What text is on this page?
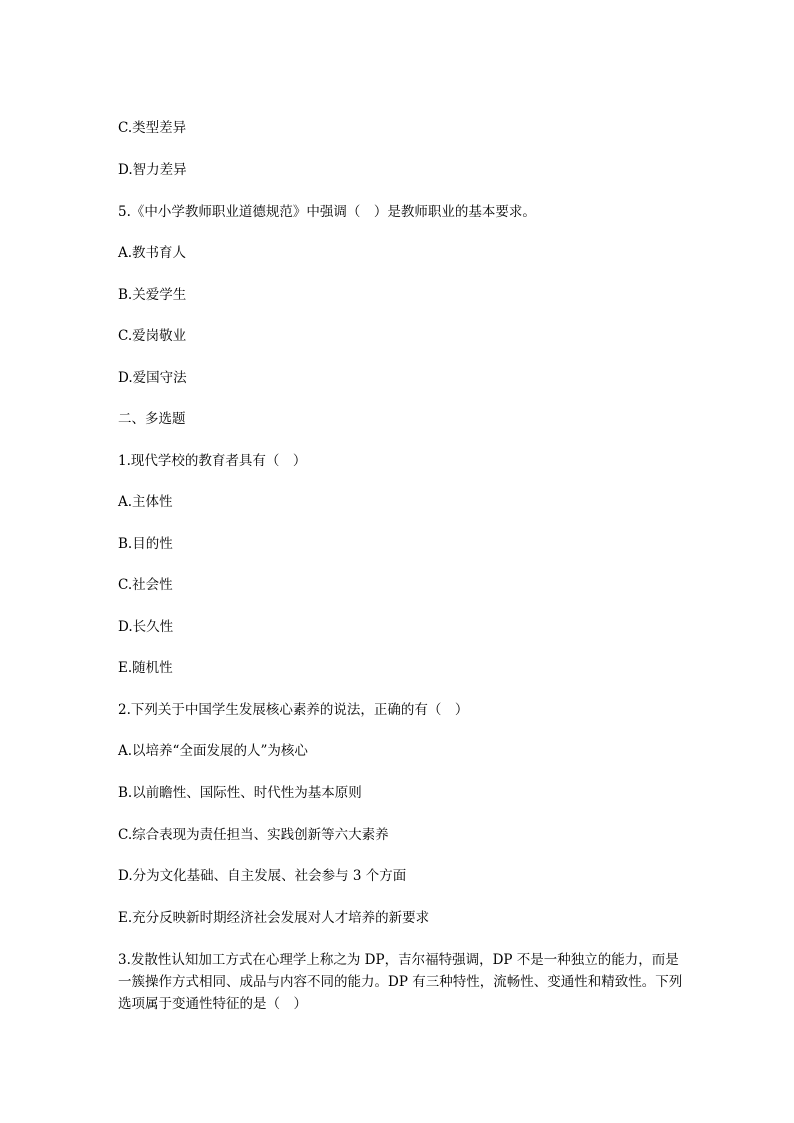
C.类型差异
D.智力差异
5.《中小学教师职业道德规范》中强调（　）是教师职业的基本要求。
A.教书育人
B.关爱学生
C.爱岗敬业
D.爱国守法
二、多选题
1.现代学校的教育者具有（　）
A.主体性
B.目的性
C.社会性
D.长久性
E.随机性
2.下列关于中国学生发展核心素养的说法，正确的有（　）
A.以培养“全面发展的人”为核心
B.以前瞻性、国际性、时代性为基本原则
C.综合表现为责任担当、实践创新等六大素养
D.分为文化基础、自主发展、社会参与 3 个方面
E.充分反映新时期经济社会发展对人才培养的新要求
3.发散性认知加工方式在心理学上称之为 DP，吉尔福特强调，DP 不是一种独立的能力，而是一簇操作方式相同、成品与内容不同的能力。DP 有三种特性，流畅性、变通性和精致性。下列选项属于变通性特征的是（　）
